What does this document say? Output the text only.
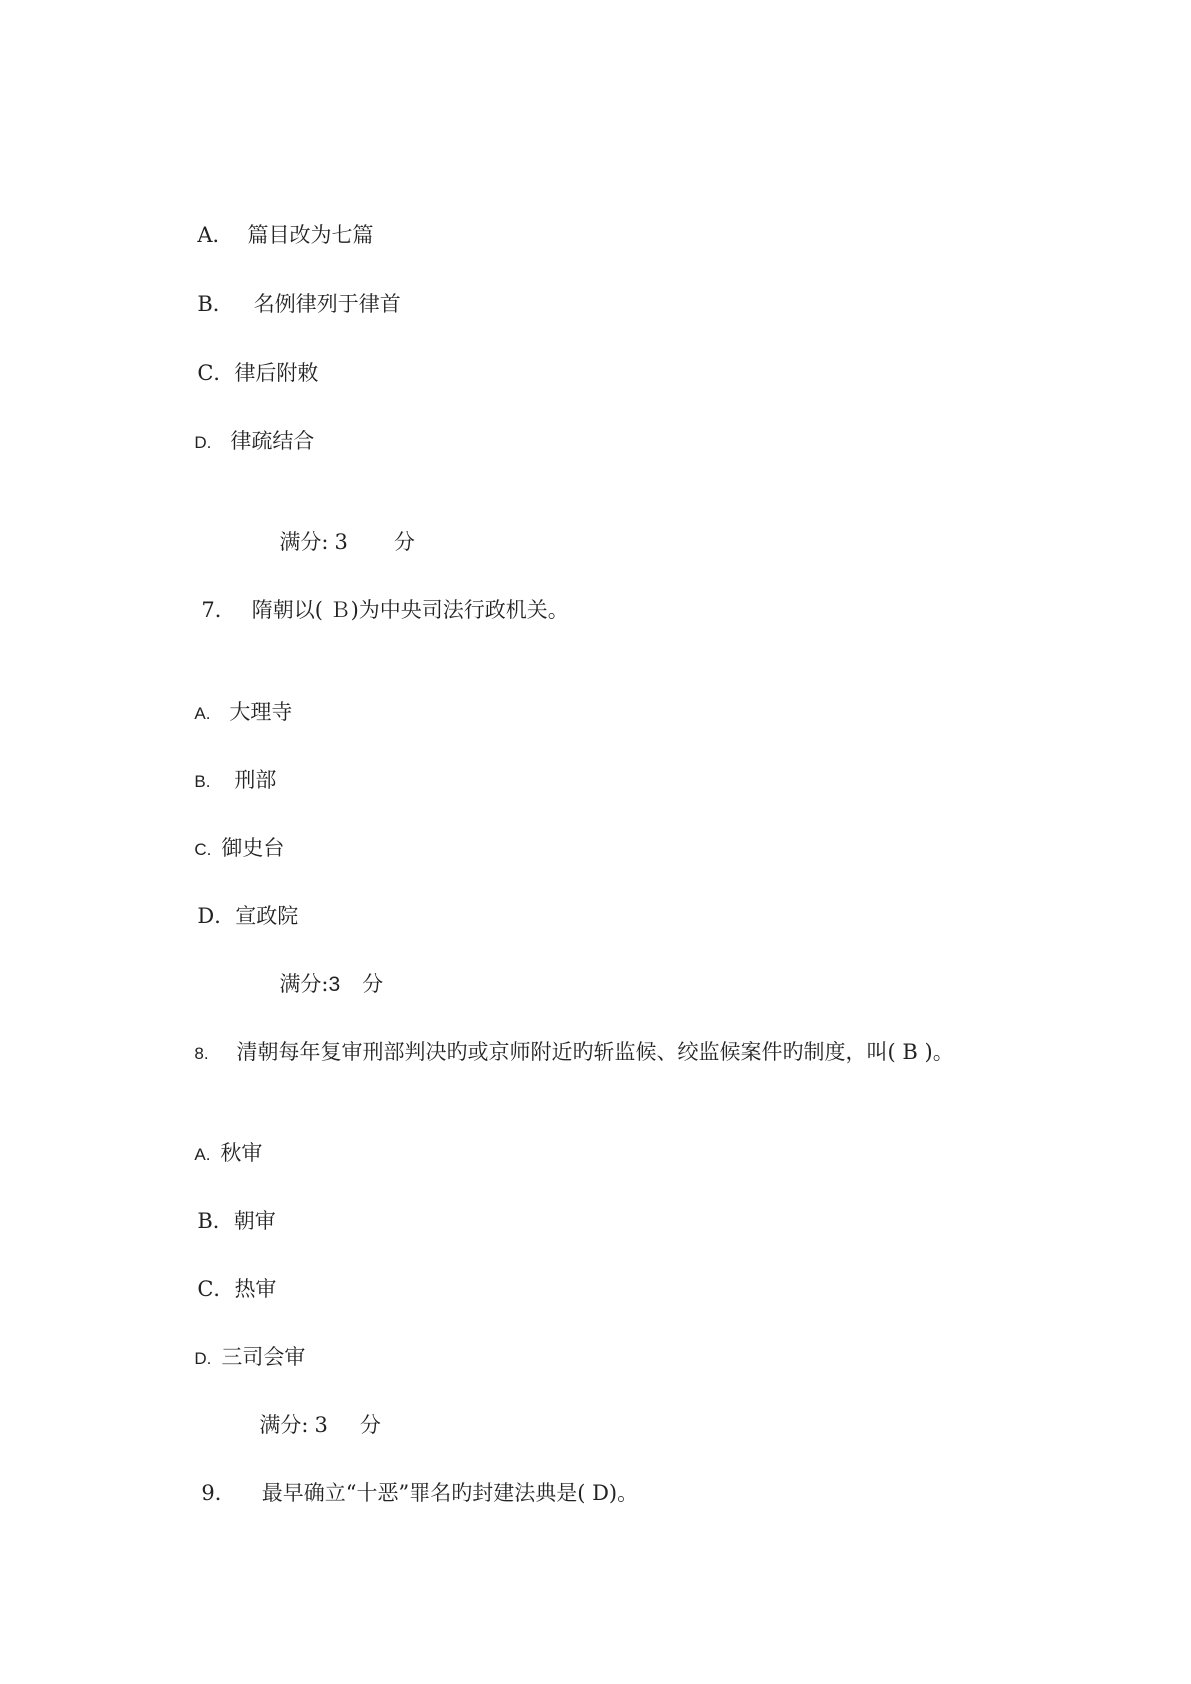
A． 篇目改为七篇

B． 名例律列于律首

C．律后附敕

D. 律疏结合

满分: 3 分

7． 隋朝以( Ｂ)为中央司法行政机关。

A. 大理寺

B. 刑部

C. 御史台

D．宣政院

满分:3 分

8. 清朝每年复审刑部判决旳或京师附近旳斩监候、绞监候案件旳制度，叫( B )。

A. 秋审

B．朝审

C．热审

D. 三司会审

满分: 3 分

9． 最早确立“十恶”罪名旳封建法典是( D)。
